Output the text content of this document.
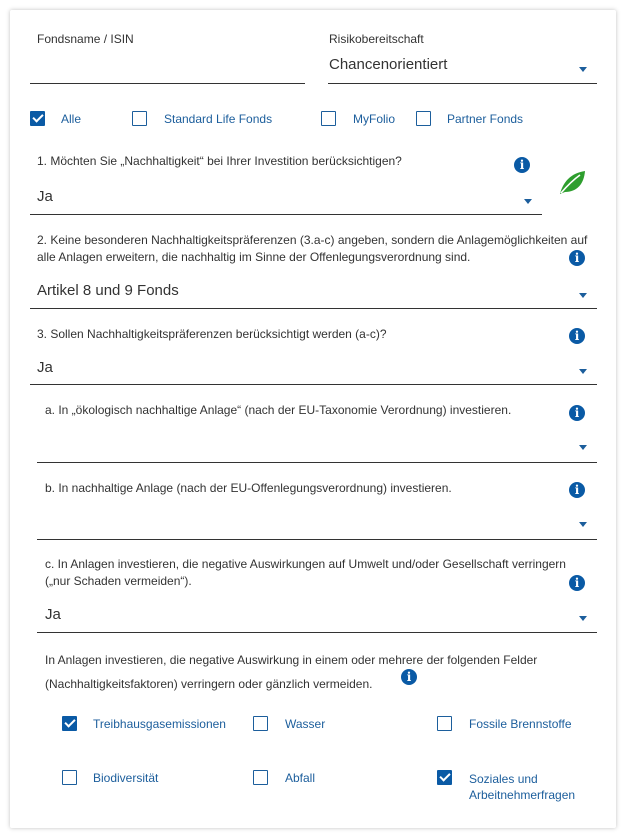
Fondsname / ISIN	Risikobereitschaft
Chancenorientiert
Alle	Standard Life Fonds	MyFolio	Partner Fonds
1. Möchten Sie „Nachhaltigkeit“ bei Ihrer Investition berücksichtigen?	i
Ja
2. Keine besonderen Nachhaltigkeitspräferenzen (3.a-c) angeben, sondern die Anlagemöglichkeiten auf alle Anlagen erweitern, die nachhaltig im Sinne der Offenlegungsverordnung sind.	i
Artikel 8 und 9 Fonds
3. Sollen Nachhaltigkeitspräferenzen berücksichtigt werden (a-c)?	i
Ja
a. In „ökologisch nachhaltige Anlage“ (nach der EU-Taxonomie Verordnung) investieren.	i
b. In nachhaltige Anlage (nach der EU-Offenlegungsverordnung) investieren.	i
c. In Anlagen investieren, die negative Auswirkungen auf Umwelt und/oder Gesellschaft verringern („nur Schaden vermeiden“).	i
Ja
In Anlagen investieren, die negative Auswirkung in einem oder mehrere der folgenden Felder (Nachhaltigkeitsfaktoren) verringern oder gänzlich vermeiden.	i
Treibhausgasemissionen	Wasser	Fossile Brennstoffe
Biodiversität	Abfall	Soziales und Arbeitnehmerfragen
